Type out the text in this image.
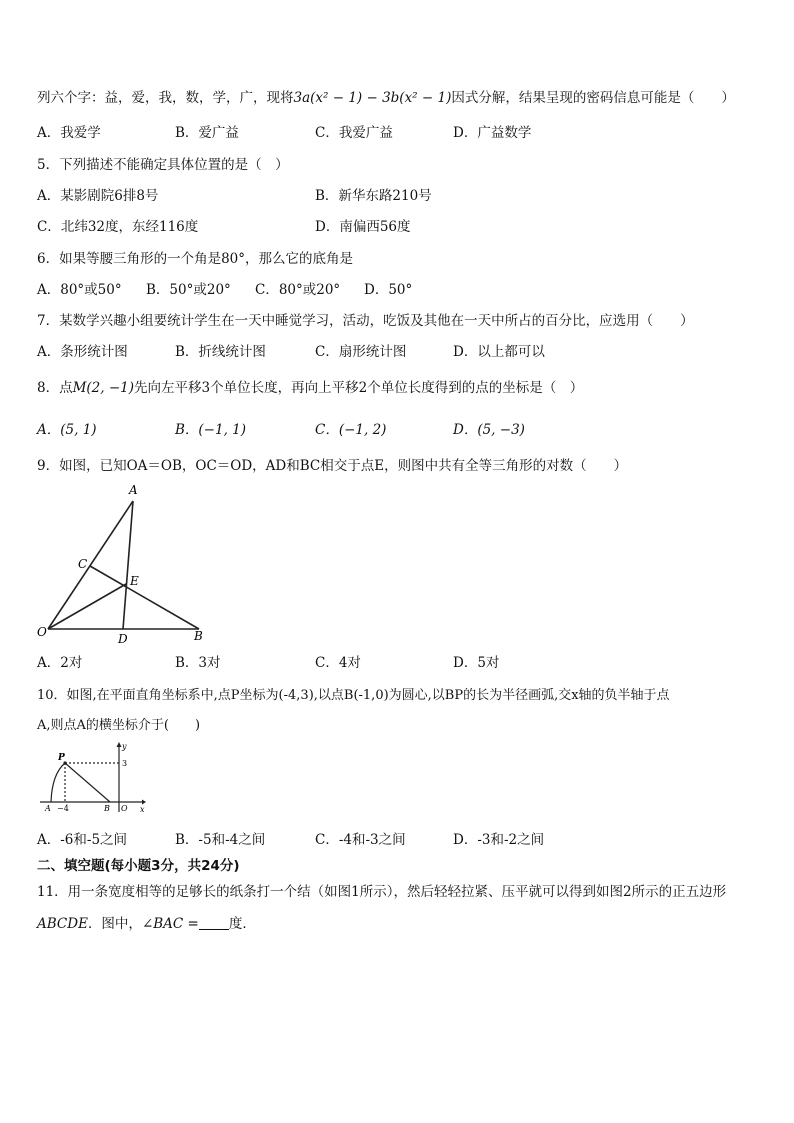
列六个字：益，爱，我，数，学，广，现将3a(x² − 1) − 3b(x² − 1)因式分解，结果呈现的密码信息可能是（　　）
A．我爱学	B．爱广益	C．我爱广益	D．广益数学
5．下列描述不能确定具体位置的是（　）
A．某影剧院6排8号	B．新华东路210号
C．北纬32度，东经116度	D．南偏西56度
6．如果等腰三角形的一个角是80°，那么它的底角是
A．80°或50° B．50°或20° C．80°或20° D．50°
7．某数学兴趣小组要统计学生在一天中睡觉学习，活动，吃饭及其他在一天中所占的百分比，应选用（　　）
A．条形统计图	B．折线统计图	C．扇形统计图	D．以上都可以
8．点M(2, −1)先向左平移3个单位长度，再向上平移2个单位长度得到的点的坐标是（　）
A．(5, 1)	B．(−1, 1)	C．(−1, 2)	D．(5, −3)
9．如图，已知OA＝OB，OC＝OD，AD和BC相交于点E，则图中共有全等三角形的对数（　　）
A
C
E
O	D	B
A．2对	B．3对	C．4对	D．5对
10．如图,在平面直角坐标系中,点P坐标为(-4,3),以点B(-1,0)为圆心,以BP的长为半径画弧,交x轴的负半轴于点
A,则点A的横坐标介于(　　)
P
y
3
A −4	B O x
A．-6和-5之间	B．-5和-4之间	C．-4和-3之间	D．-3和-2之间
二、填空题(每小题3分，共24分)
11．用一条宽度相等的足够长的纸条打一个结（如图1所示），然后轻轻拉紧、压平就可以得到如图2所示的正五边形
ABCDE．图中，∠BAC = 度．
